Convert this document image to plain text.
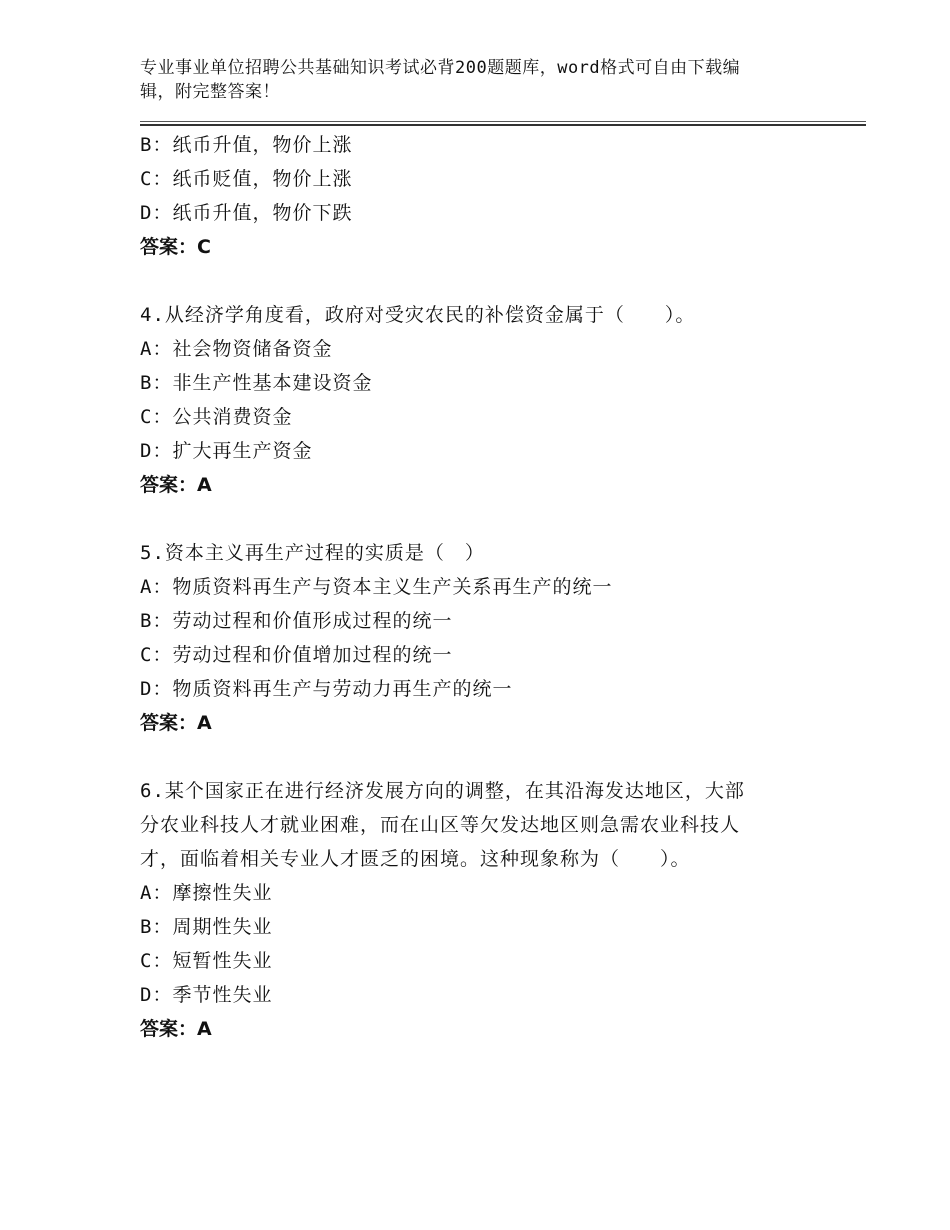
专业事业单位招聘公共基础知识考试必背200题题库，word格式可自由下载编
辑，附完整答案！
B：纸币升值，物价上涨
C：纸币贬值，物价上涨
D：纸币升值，物价下跌
答案：C
4.从经济学角度看，政府对受灾农民的补偿资金属于（　　）。
A：社会物资储备资金
B：非生产性基本建设资金
C：公共消费资金
D：扩大再生产资金
答案：A
5.资本主义再生产过程的实质是（　）
A：物质资料再生产与资本主义生产关系再生产的统一
B：劳动过程和价值形成过程的统一
C：劳动过程和价值增加过程的统一
D：物质资料再生产与劳动力再生产的统一
答案：A
6.某个国家正在进行经济发展方向的调整，在其沿海发达地区，大部
分农业科技人才就业困难，而在山区等欠发达地区则急需农业科技人
才，面临着相关专业人才匮乏的困境。这种现象称为（　　）。
A：摩擦性失业
B：周期性失业
C：短暂性失业
D：季节性失业
答案：A
